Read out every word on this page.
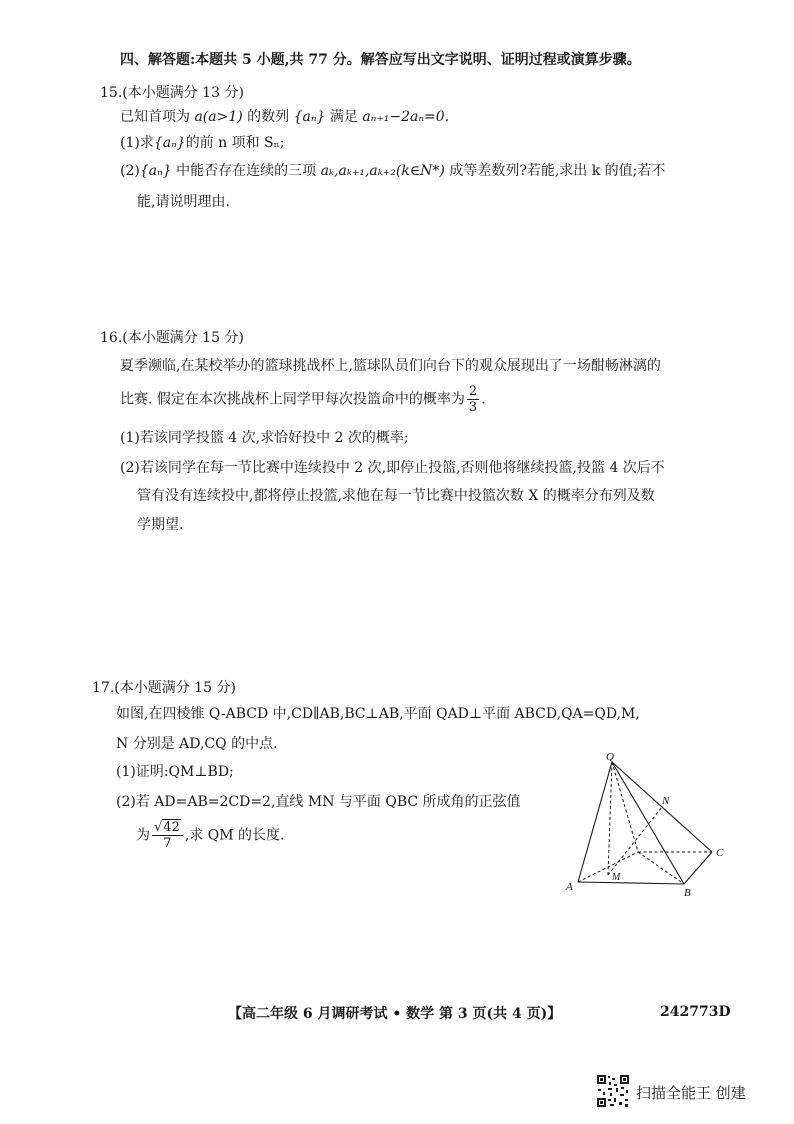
四、解答题:本题共 5 小题,共 77 分。解答应写出文字说明、证明过程或演算步骤。
15.(本小题满分 13 分)
已知首项为 a(a>1) 的数列 {aₙ} 满足 aₙ₊₁−2aₙ=0.
(1)求{aₙ}的前 n 项和 Sₙ;
(2){aₙ} 中能否存在连续的三项 aₖ,aₖ₊₁,aₖ₊₂(k∈N*) 成等差数列?若能,求出 k 的值;若不
能,请说明理由.
16.(本小题满分 15 分)
夏季濒临,在某校举办的篮球挑战杯上,篮球队员们向台下的观众展现出了一场酣畅淋漓的
比赛. 假定在本次挑战杯上同学甲每次投篮命中的概率为 $\frac{2}{3}$ .
(1)若该同学投篮 4 次,求恰好投中 2 次的概率;
(2)若该同学在每一节比赛中连续投中 2 次,即停止投篮,否则他将继续投篮,投篮 4 次后不
管有没有连续投中,都将停止投篮,求他在每一节比赛中投篮次数 X 的概率分布列及数
学期望.
17.(本小题满分 15 分)
如图,在四棱锥 Q-ABCD 中,CD∥AB,BC⊥AB,平面 QAD⊥平面 ABCD,QA=QD,M,
N 分别是 AD,CQ 的中点.
(1)证明:QM⊥BD;
(2)若 AD=AB=2CD=2,直线 MN 与平面 QBC 所成角的正弦值
为 $\frac{√42}{7}$ ,求 QM 的长度.
Q
N
C
M
A	B
【高二年级 6 月调研考试 • 数学 第 3 页(共 4 页)】	242773D
扫描全能王 创建
